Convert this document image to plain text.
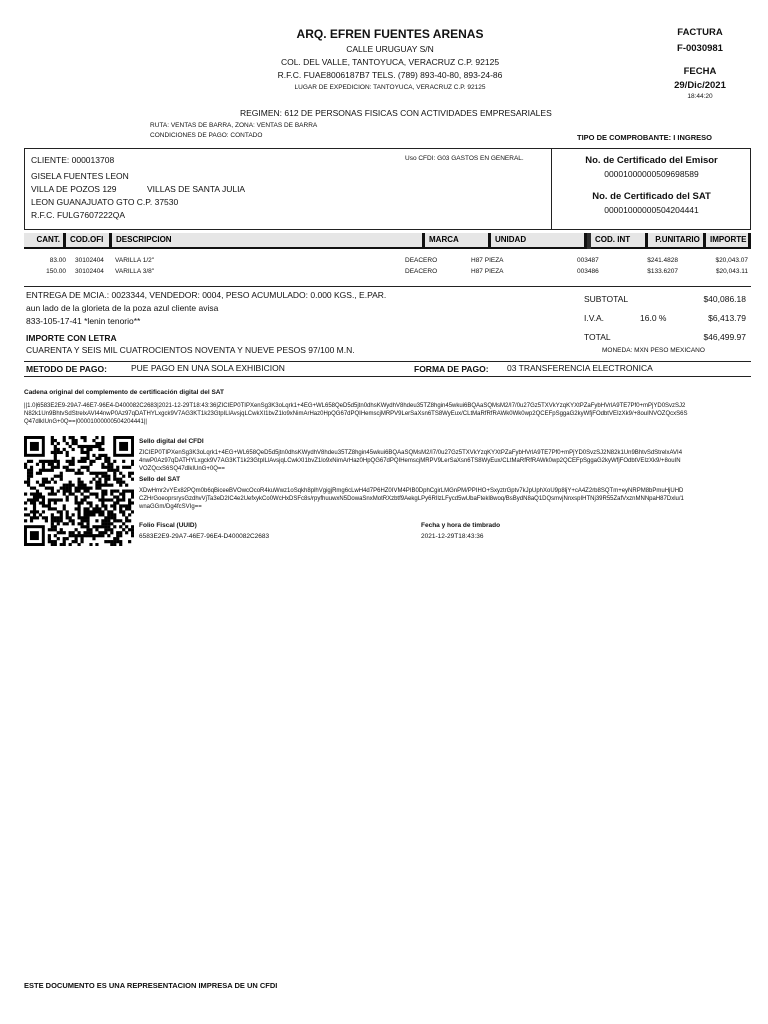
ARQ. EFREN FUENTES ARENAS
CALLE URUGUAY S/N
COL. DEL VALLE, TANTOYUCA, VERACRUZ C.P. 92125
R.F.C. FUAE8006187B7 TELS. (789) 893-40-80, 893-24-86
LUGAR DE EXPEDICION: TANTOYUCA, VERACRUZ C.P. 92125
FACTURA
F-0030981
FECHA
29/Dic/2021
18:44:20
REGIMEN: 612 DE PERSONAS FISICAS CON ACTIVIDADES EMPRESARIALES
RUTA: VENTAS DE BARRA, ZONA: VENTAS DE BARRA
CONDICIONES DE PAGO: CONTADO	TIPO DE COMPROBANTE: I INGRESO
CLIENTE: 000013708
GISELA FUENTES LEON
VILLA DE POZOS 129	VILLAS DE SANTA JULIA
LEON GUANAJUATO GTO C.P. 37530
R.F.C. FULG7607222QA
Uso CFDI: G03 GASTOS EN GENERAL.	No. de Certificado del Emisor
00001000000509698589
No. de Certificado del SAT
00001000000504204441
CANT.	COD.OFI	DESCRIPCION	MARCA	UNIDAD	COD. INT	P.UNITARIO	IMPORTE
83.00 30102404 VARILLA 1/2"	DEACERO	H87 PIEZA	003487	$241.4828	$20,043.07
150.00 30102404 VARILLA 3/8"	DEACERO	H87 PIEZA	003486	$133.6207	$20,043.11
ENTREGA DE MCIA.: 0023344, VENDEDOR: 0004, PESO ACUMULADO: 0.000 KGS., E.PAR.
aun lado de la glorieta de la poza azul cliente avisa
833-105-17-41 *lenin tenorio**
IMPORTE CON LETRA
CUARENTA Y SEIS MIL CUATROCIENTOS NOVENTA Y NUEVE PESOS 97/100 M.N.
SUBTOTAL	$40,086.18
I.V.A.	16.0 %	$6,413.79
TOTAL	$46,499.97
MONEDA: MXN PESO MEXICANO
METODO DE PAGO:	PUE PAGO EN UNA SOLA EXHIBICION	FORMA DE PAGO: 03 TRANSFERENCIA ELECTRONICA
Cadena original del complemento de certificación digital del SAT
||1.0|6583E2E9-29A7-46E7-96E4-D400082C2683|2021-12-29T18:43:36|ZICIEP0TIPXenSg3K3oLqrk1+4EG+WL658QeD5d5jtn0dhsKWydhV8hdeu35TZ8hgin45wkui6BQAaSQMsM2/I7/0u27Gz5TXVkYzqKYXtPZaFybHVrlA9TE7Pf0+mPjYD0SvzSJ2N82k1Un9BhtvSdStrelxAVI44nwP0Az97qDATHYLxgck9V7AG3KT1k23GtpILlAvsjqLCwkXI1bvZ1lo9xNimArHaz0HpQG67dPQIHemscjMRPV9LerSaXsn6TS8WyEux/CLtMaRfRfRAWk0Wk0wp2QCEFpSggaG2kyWfjFOdbtVEIzXk9/+8ouINVOZQcxS6SQ47dlkIUnG+0Q==|00001000000504204441||
Sello digital del CFDI
ZICIEP0TIPXenSg3K3oLqrk1+4EG+WL658QeD5d5jtn0dhsKWydhV8hdeu35TZ8hgin45wkui6BQAaSQMsM2/I7/0u27Gz5TXVkYzqKYXtPZaFybHVrlA9TE7Pf0+mPjYD0SvzSJ2N82k1Un9BhtvSdStrelxAVI44nwP0Az97qDATHYLxgck9V7AG3KT1k23GtpILlAvsjqLCwkXI1bvZ1lo9xNimArHaz0HpQG67dPQIHemscjMRPV9LerSaXsn6TS8WyEux/CLtMaRfRfRAWk0wp2QCEFpSggaG2kyWfjFOdbtVEIzXk9/+8ouINVOZQcxS6SQ47dlkIUnG+0Q==
Sello del SAT
XDwHmr2vYEx82PQm0b6qBiceeBVOwcOcoR4kuWwz1oSqkh8plhVgigjRmg6cLwH4d7P6HZ0IVM4PIB0DphCgirLMGnPM/PPIHO+SxyztrGptv7kJpUphXoU9p8ljY+cA4Z2rb8SQTm+eyNRPM8bPmuHjUHDCZHrGoeoprsrysGzdhvVjTa3eD2IC4e2UefxykCo0WcHxDSFc8s/rpyfhuuwxN5DowaSnxMotRXzbtf9AekgLPy6RIlzLFycd5wUbaFtekl8woq/BsBydN8aQ1DQsmvjNnxspIHTNj39R55ZafVxznMNNpaH87Dxlu/1wnaGGm/Dg4fcSVIg==
Folio Fiscal (UUID)
6583E2E9-29A7-46E7-96E4-D400082C2683
Fecha y hora de timbrado
2021-12-29T18:43:36
ESTE DOCUMENTO ES UNA REPRESENTACION IMPRESA DE UN CFDI
